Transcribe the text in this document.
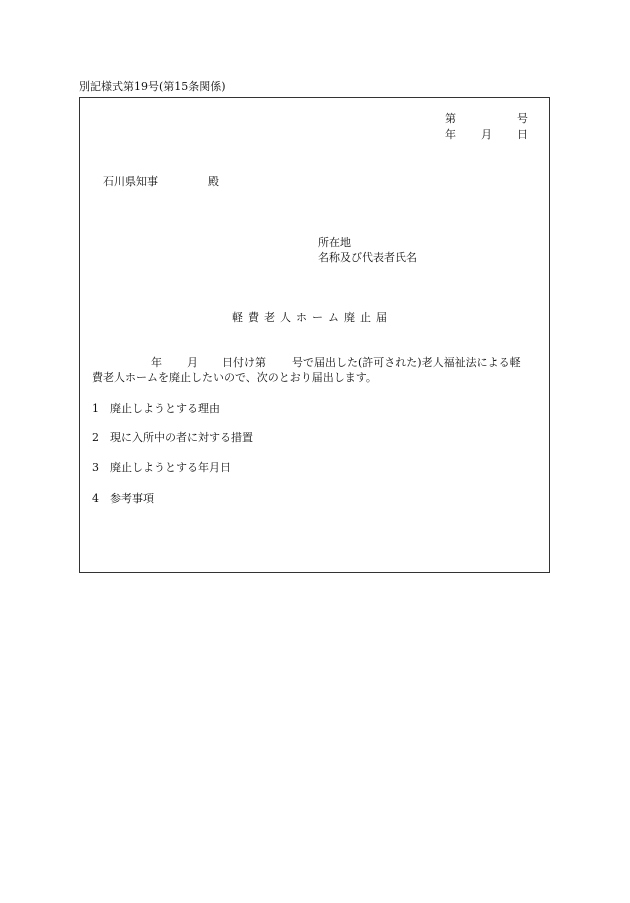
別記様式第19号(第15条関係)
第	号
年 月 日
石川県知事	殿
所在地
名称及び代表者氏名
軽費老人ホーム廃止届
年 月 日付け第 号で届出した(許可された)老人福祉法による軽
費老人ホームを廃止したいので、次のとおり届出します。
1 廃止しようとする理由
2 現に入所中の者に対する措置
3 廃止しようとする年月日
4 参考事項
